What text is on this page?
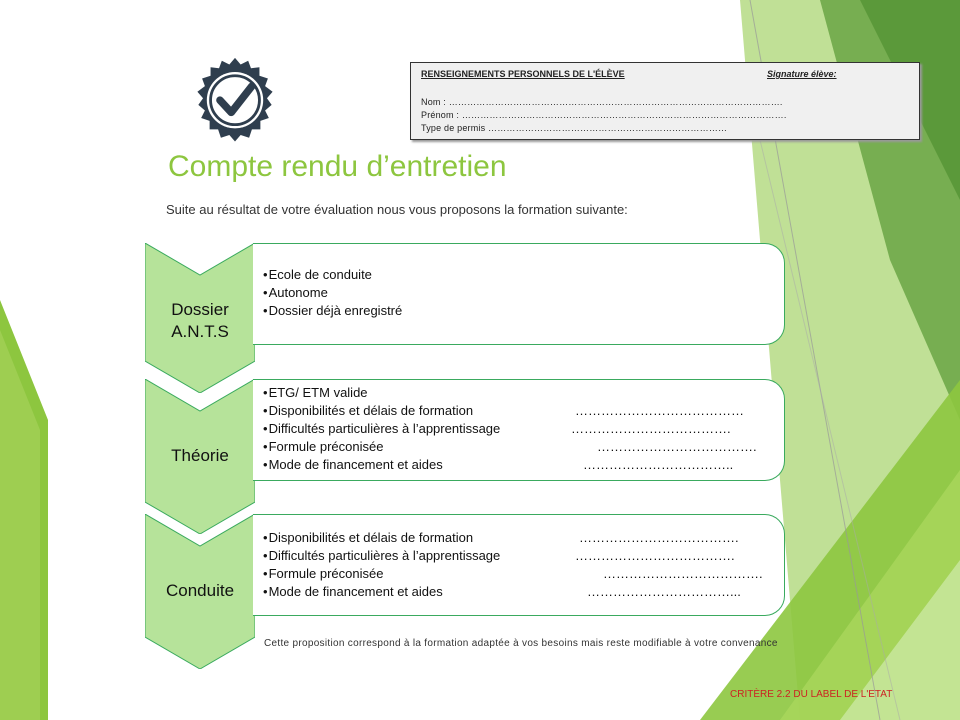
RENSEIGNEMENTS PERSONNELS DE L'ÉLÈVE	Signature élève:
Nom : ……………………………………………………………………………………………….
Prénom : …………………………………………………………………………………………….
Type de permis ……………………………………………………………………
Compte rendu d’entretien
Suite au résultat de votre évaluation nous vous proposons la formation suivante:
Dossier
A.N.T.S
•Ecole de conduite
•Autonome
•Dossier déjà enregistré
Théorie
•ETG/ ETM valide
•Disponibilités et délais de formation	…………………………………
•Difficultés particulières à l’apprentissage	……………………………….
•Formule préconisée	……………………………….
•Mode de financement et aides	……………………………..
Conduite
•Disponibilités et délais de formation	……………………………….
•Difficultés particulières à l’apprentissage	……………………………….
•Formule préconisée	……………………………….
•Mode de financement et aides	……………………………...
Cette proposition correspond à la formation adaptée à vos besoins mais reste modifiable à votre convenance
CRITÈRE 2.2 DU LABEL DE L'ETAT
